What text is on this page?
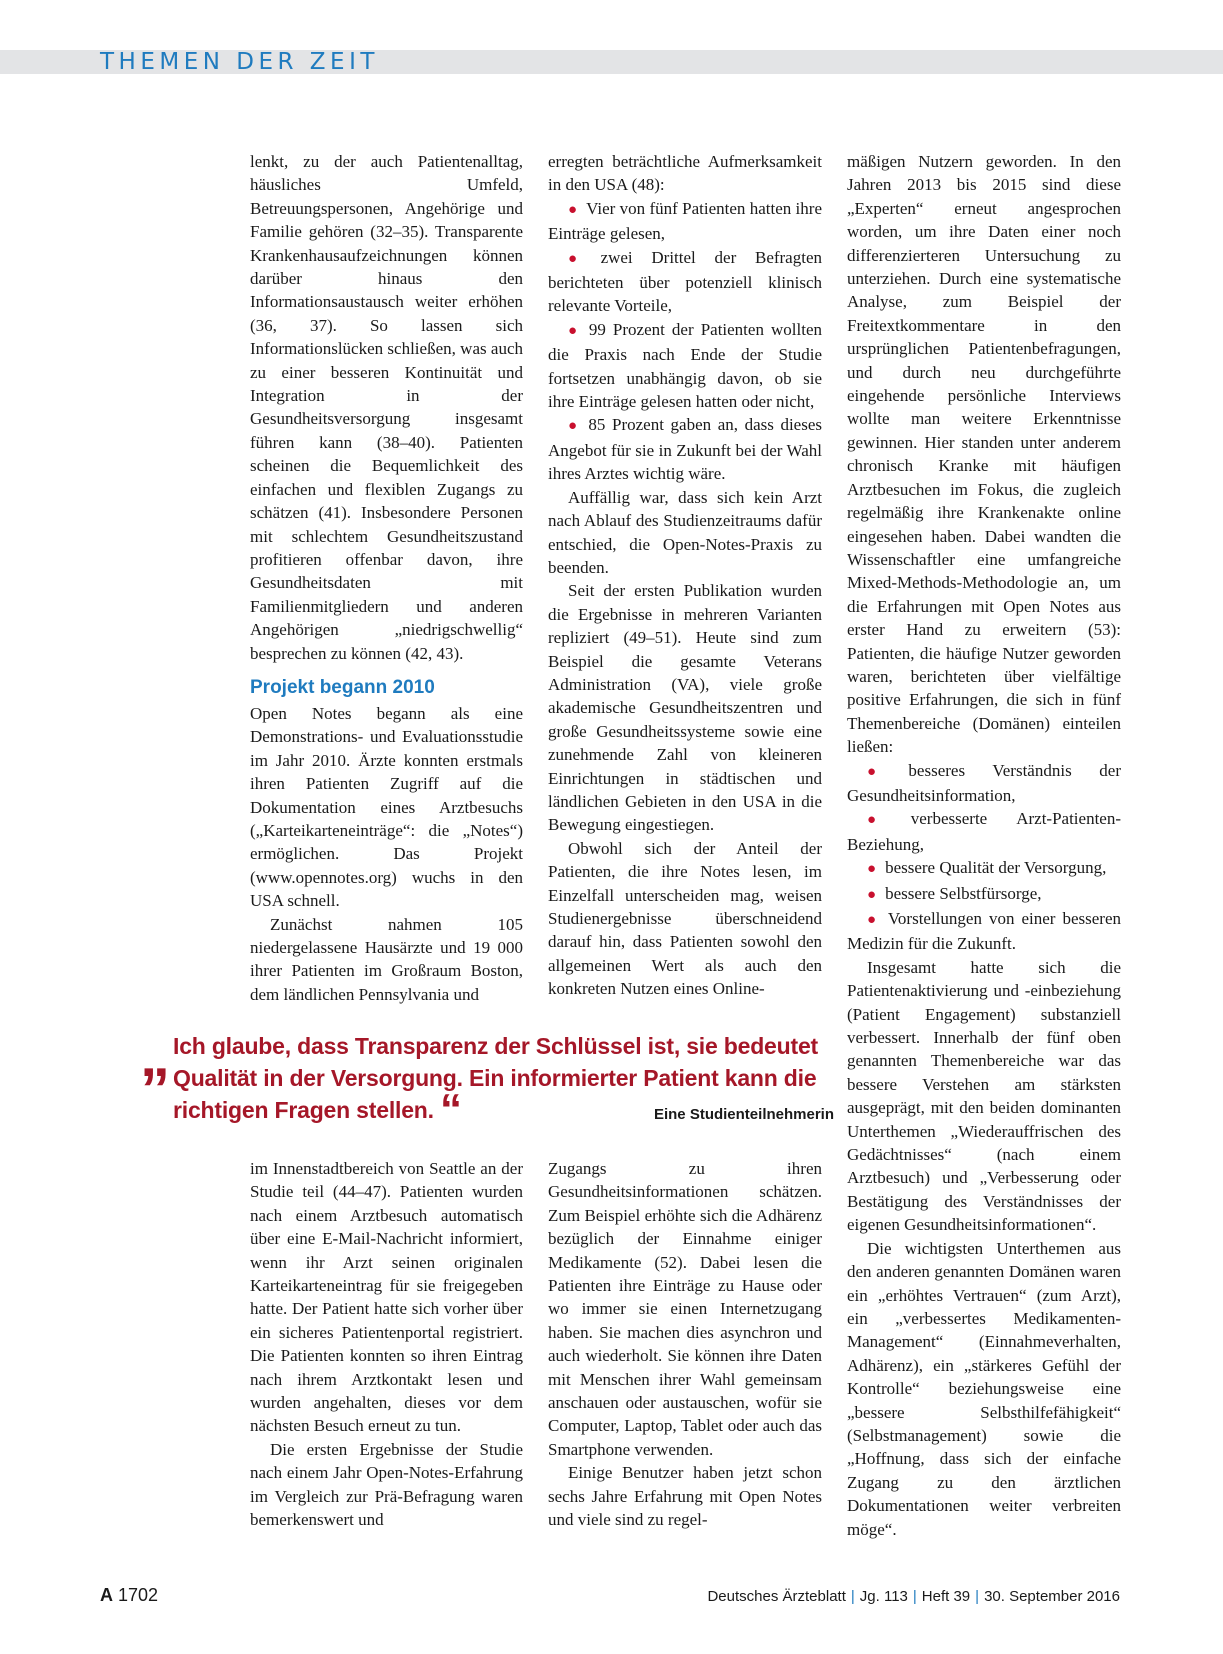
THEMEN DER ZEIT

lenkt, zu der auch Patientenalltag, häusliches Umfeld, Betreuungspersonen, Angehörige und Familie gehören (32–35). Transparente Krankenhausaufzeichnungen können darüber hinaus den Informationsaustausch weiter erhöhen (36, 37). So lassen sich Informationslücken schließen, was auch zu einer besseren Kontinuität und Integration in der Gesundheitsversorgung insgesamt führen kann (38–40). Patienten scheinen die Bequemlichkeit des einfachen und flexiblen Zugangs zu schätzen (41). Insbesondere Personen mit schlechtem Gesundheitszustand profitieren offenbar davon, ihre Gesundheitsdaten mit Familienmitgliedern und anderen Angehörigen „niedrigschwellig“ besprechen zu können (42, 43).

Projekt begann 2010

Open Notes begann als eine Demonstrations- und Evaluationsstudie im Jahr 2010. Ärzte konnten erstmals ihren Patienten Zugriff auf die Dokumentation eines Arztbesuchs („Karteikarteneinträge“: die „Notes“) ermöglichen. Das Projekt (www.opennotes.org) wuchs in den USA schnell.

Zunächst nahmen 105 niedergelassene Hausärzte und 19 000 ihrer Patienten im Großraum Boston, dem ländlichen Pennsylvania und

erregten beträchtliche Aufmerksamkeit in den USA (48):

● Vier von fünf Patienten hatten ihre Einträge gelesen,
● zwei Drittel der Befragten berichteten über potenziell klinisch relevante Vorteile,
● 99 Prozent der Patienten wollten die Praxis nach Ende der Studie fortsetzen unabhängig davon, ob sie ihre Einträge gelesen hatten oder nicht,
● 85 Prozent gaben an, dass dieses Angebot für sie in Zukunft bei der Wahl ihres Arztes wichtig wäre.

Auffällig war, dass sich kein Arzt nach Ablauf des Studienzeitraums dafür entschied, die Open-Notes-Praxis zu beenden.

Seit der ersten Publikation wurden die Ergebnisse in mehreren Varianten repliziert (49–51). Heute sind zum Beispiel die gesamte Veterans Administration (VA), viele große akademische Gesundheitszentren und große Gesundheitssysteme sowie eine zunehmende Zahl von kleineren Einrichtungen in städtischen und ländlichen Gebieten in den USA in die Bewegung eingestiegen.

Obwohl sich der Anteil der Patienten, die ihre Notes lesen, im Einzelfall unterscheiden mag, weisen Studienergebnisse überschneidend darauf hin, dass Patienten sowohl den allgemeinen Wert als auch den konkreten Nutzen eines Online-

mäßigen Nutzern geworden. In den Jahren 2013 bis 2015 sind diese „Experten“ erneut angesprochen worden, um ihre Daten einer noch differenzierteren Untersuchung zu unterziehen. Durch eine systematische Analyse, zum Beispiel der Freitextkommentare in den ursprünglichen Patientenbefragungen, und durch neu durchgeführte eingehende persönliche Interviews wollte man weitere Erkenntnisse gewinnen. Hier standen unter anderem chronisch Kranke mit häufigen Arztbesuchen im Fokus, die zugleich regelmäßig ihre Krankenakte online eingesehen haben. Dabei wandten die Wissenschaftler eine umfangreiche Mixed-Methods-Methodologie an, um die Erfahrungen mit Open Notes aus erster Hand zu erweitern (53): Patienten, die häufige Nutzer geworden waren, berichteten über vielfältige positive Erfahrungen, die sich in fünf Themenbereiche (Domänen) einteilen ließen:

● besseres Verständnis der Gesundheitsinformation,
● verbesserte Arzt-Patienten-Beziehung,
● bessere Qualität der Versorgung,
● bessere Selbstfürsorge,
● Vorstellungen von einer besseren Medizin für die Zukunft.

Insgesamt hatte sich die Patientenaktivierung und -einbeziehung (Patient Engagement) substanziell verbessert. Innerhalb der fünf oben genannten Themenbereiche war das bessere Verstehen am stärksten ausgeprägt, mit den beiden dominanten Unterthemen „Wiederauffrischen des Gedächtnisses“ (nach einem Arztbesuch) und „Verbesserung oder Bestätigung des Verständnisses der eigenen Gesundheitsinformationen“.

Die wichtigsten Unterthemen aus den anderen genannten Domänen waren ein „erhöhtes Vertrauen“ (zum Arzt), ein „verbessertes Medikamenten-Management“ (Einnahmeverhalten, Adhärenz), ein „stärkeres Gefühl der Kontrolle“ beziehungsweise eine „bessere Selbsthilfefähigkeit“ (Selbstmanagement) sowie die „Hoffnung, dass sich der einfache Zugang zu den ärztlichen Dokumentationen weiter verbreiten möge“.

„ Ich glaube, dass Transparenz der Schlüssel ist, sie bedeutet Qualität in der Versorgung. Ein informierter Patient kann die richtigen Fragen stellen. “	Eine Studienteilnehmerin

im Innenstadtbereich von Seattle an der Studie teil (44–47). Patienten wurden nach einem Arztbesuch automatisch über eine E-Mail-Nachricht informiert, wenn ihr Arzt seinen originalen Karteikarteneintrag für sie freigegeben hatte. Der Patient hatte sich vorher über ein sicheres Patientenportal registriert. Die Patienten konnten so ihren Eintrag nach ihrem Arztkontakt lesen und wurden angehalten, dieses vor dem nächsten Besuch erneut zu tun.

Die ersten Ergebnisse der Studie nach einem Jahr Open-Notes-Erfahrung im Vergleich zur Prä-Befragung waren bemerkenswert und

Zugangs zu ihren Gesundheitsinformationen schätzen. Zum Beispiel erhöhte sich die Adhärenz bezüglich der Einnahme einiger Medikamente (52). Dabei lesen die Patienten ihre Einträge zu Hause oder wo immer sie einen Internetzugang haben. Sie machen dies asynchron und auch wiederholt. Sie können ihre Daten mit Menschen ihrer Wahl gemeinsam anschauen oder austauschen, wofür sie Computer, Laptop, Tablet oder auch das Smartphone verwenden.

Einige Benutzer haben jetzt schon sechs Jahre Erfahrung mit Open Notes und viele sind zu regel-

A 1702	Deutsches Ärzteblatt | Jg. 113 | Heft 39 | 30. September 2016
